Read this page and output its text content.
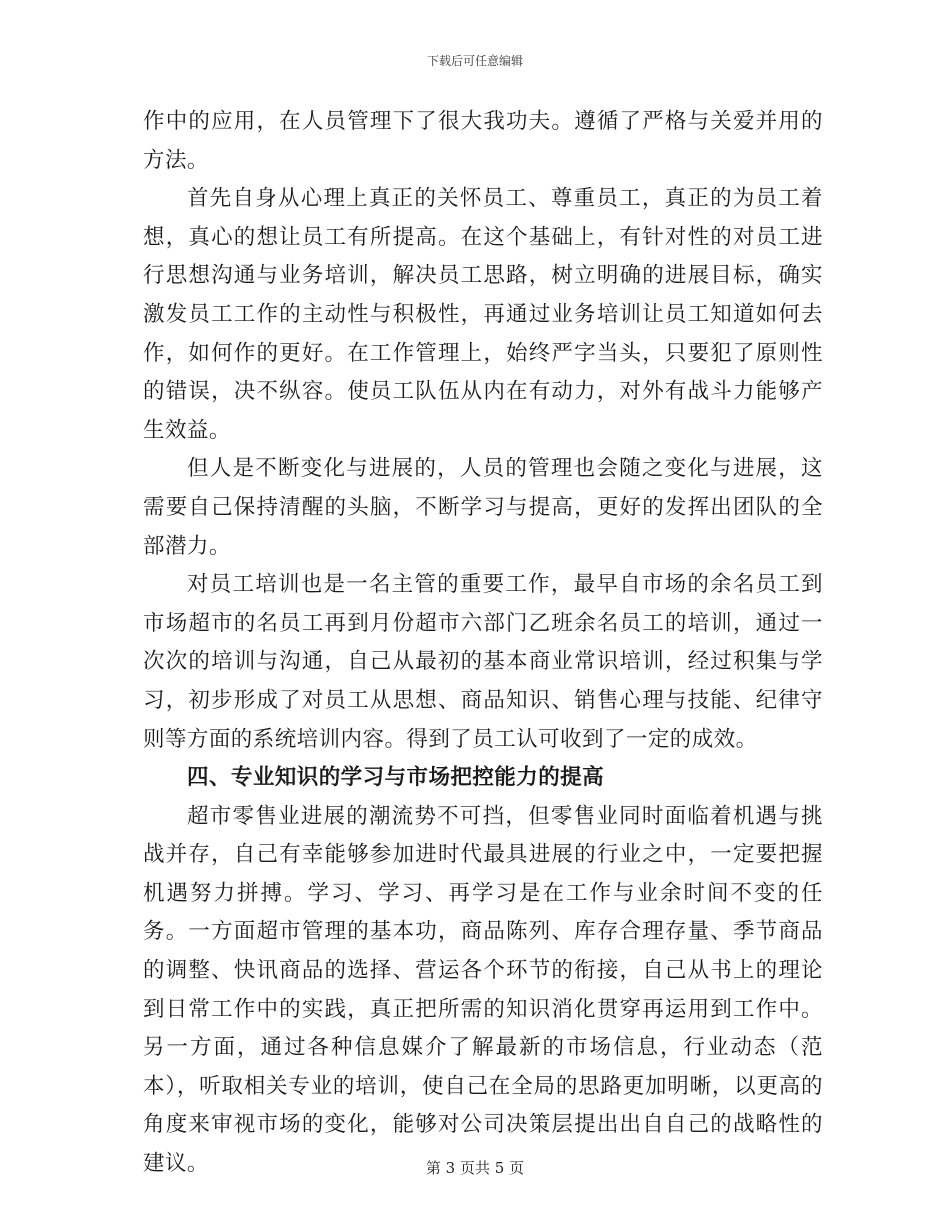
下载后可任意编辑

作中的应用，在人员管理下了很大我功夫。遵循了严格与关爱并用的方法。

首先自身从心理上真正的关怀员工、尊重员工，真正的为员工着想，真心的想让员工有所提高。在这个基础上，有针对性的对员工进行思想沟通与业务培训，解决员工思路，树立明确的进展目标，确实激发员工工作的主动性与积极性，再通过业务培训让员工知道如何去作，如何作的更好。在工作管理上，始终严字当头，只要犯了原则性的错误，决不纵容。使员工队伍从内在有动力，对外有战斗力能够产生效益。

但人是不断变化与进展的，人员的管理也会随之变化与进展，这需要自己保持清醒的头脑，不断学习与提高，更好的发挥出团队的全部潜力。

对员工培训也是一名主管的重要工作，最早自市场的余名员工到市场超市的名员工再到月份超市六部门乙班余名员工的培训，通过一次次的培训与沟通，自己从最初的基本商业常识培训，经过积集与学习，初步形成了对员工从思想、商品知识、销售心理与技能、纪律守则等方面的系统培训内容。得到了员工认可收到了一定的成效。

四、专业知识的学习与市场把控能力的提高

超市零售业进展的潮流势不可挡，但零售业同时面临着机遇与挑战并存，自己有幸能够参加进时代最具进展的行业之中，一定要把握机遇努力拼搏。学习、学习、再学习是在工作与业余时间不变的任务。一方面超市管理的基本功，商品陈列、库存合理存量、季节商品的调整、快讯商品的选择、营运各个环节的衔接，自己从书上的理论到日常工作中的实践，真正把所需的知识消化贯穿再运用到工作中。另一方面，通过各种信息媒介了解最新的市场信息，行业动态（范本），听取相关专业的培训，使自己在全局的思路更加明晰，以更高的角度来审视市场的变化，能够对公司决策层提出出自自己的战略性的建议。	第 3 页共 5 页
